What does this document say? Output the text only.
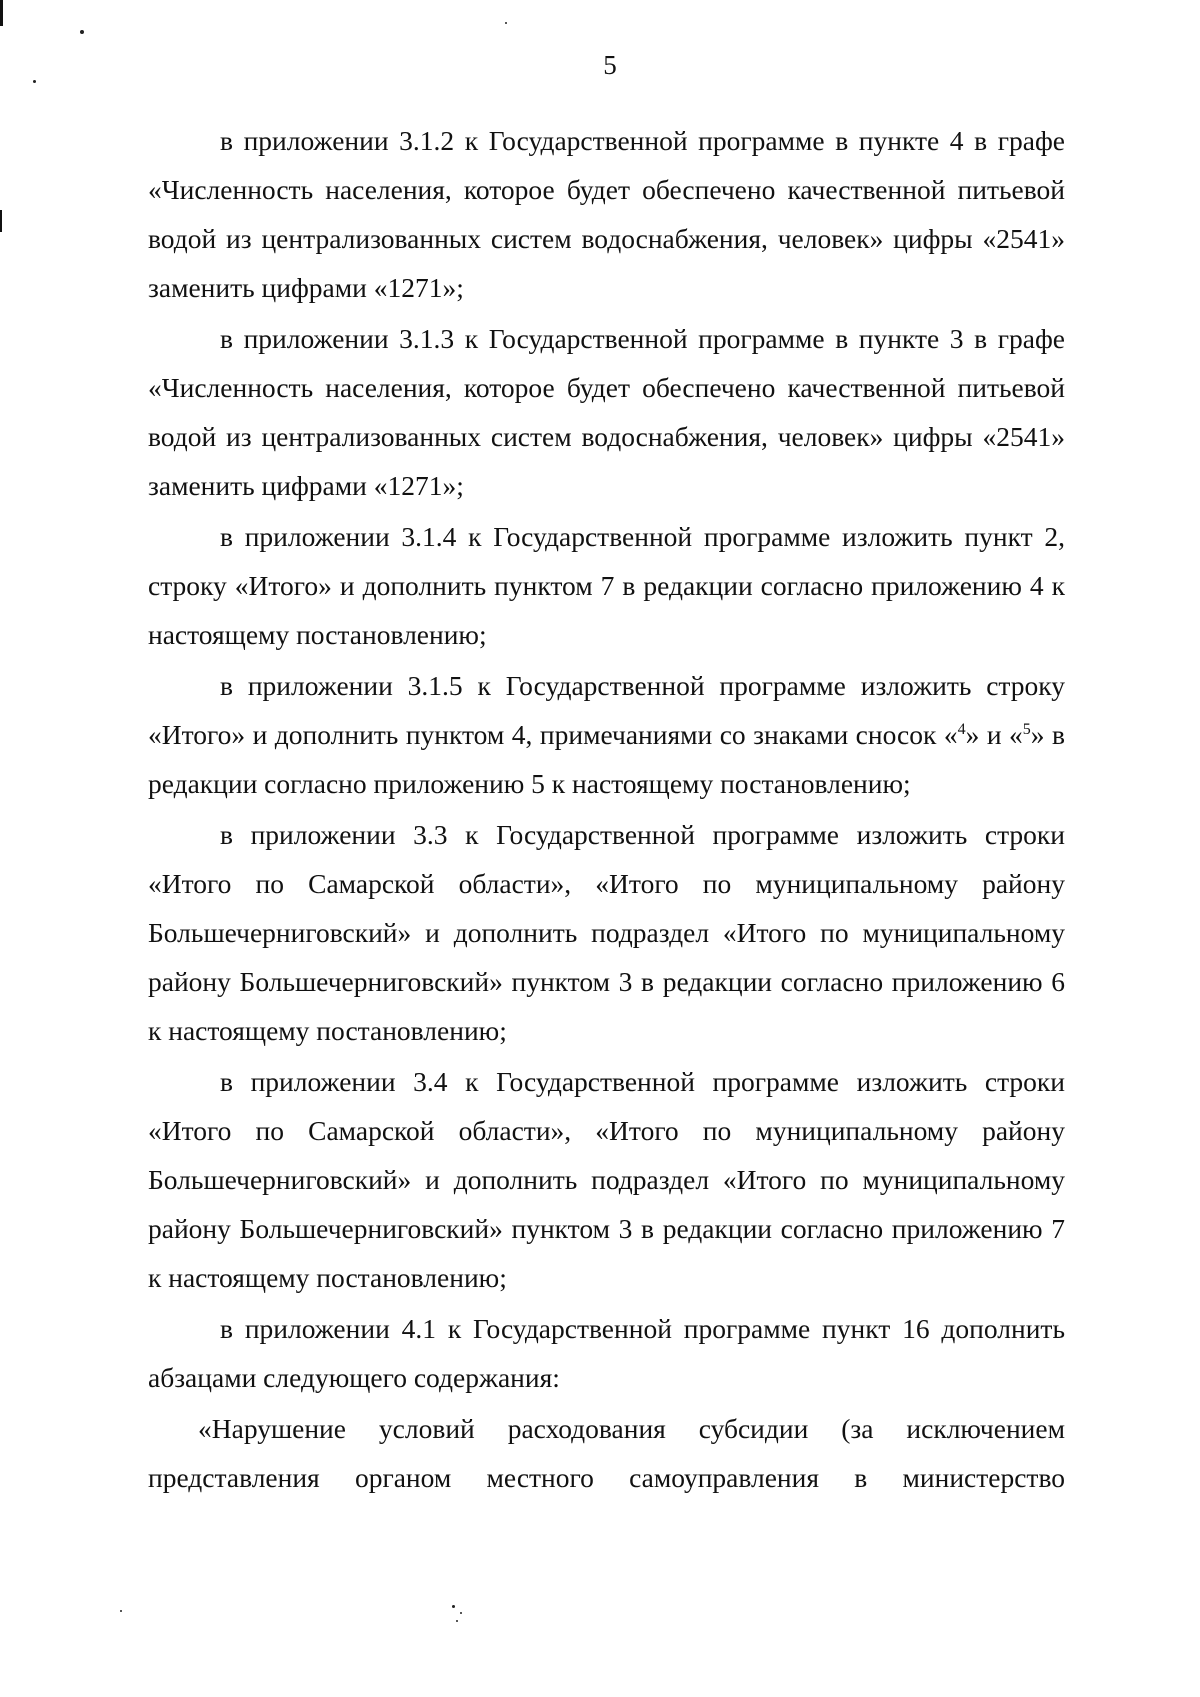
5

в приложении 3.1.2 к Государственной программе в пункте 4 в графе «Численность населения, которое будет обеспечено качественной питьевой водой из централизованных систем водоснабжения, человек» цифры «2541» заменить цифрами «1271»;

в приложении 3.1.3 к Государственной программе в пункте 3 в графе «Численность населения, которое будет обеспечено качественной питьевой водой из централизованных систем водоснабжения, человек» цифры «2541» заменить цифрами «1271»;

в приложении 3.1.4 к Государственной программе изложить пункт 2, строку «Итого» и дополнить пунктом 7 в редакции согласно приложению 4 к настоящему постановлению;

в приложении 3.1.5 к Государственной программе изложить строку «Итого» и дополнить пунктом 4, примечаниями со знаками сносок «$^4$» и «$^5$» в редакции согласно приложению 5 к настоящему постановлению;

в приложении 3.3 к Государственной программе изложить строки «Итого по Самарской области», «Итого по муниципальному району Большечерниговский» и дополнить подраздел «Итого по муниципальному району Большечерниговский» пунктом 3 в редакции согласно приложению 6 к настоящему постановлению;

в приложении 3.4 к Государственной программе изложить строки «Итого по Самарской области», «Итого по муниципальному району Большечерниговский» и дополнить подраздел «Итого по муниципальному району Большечерниговский» пунктом 3 в редакции согласно приложению 7 к настоящему постановлению;

в приложении 4.1 к Государственной программе пункт 16 дополнить абзацами следующего содержания:

«Нарушение условий расходования субсидии (за исключением представления органом местного самоуправления в министерство
